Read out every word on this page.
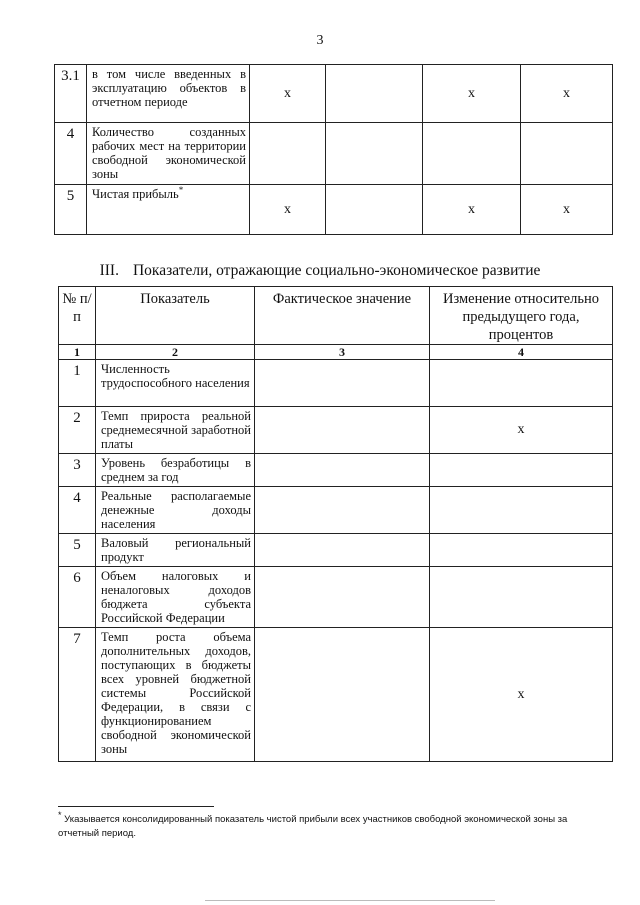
3
3.1	в том числе введенных в эксплуатацию объектов в отчетном периоде	x		x	x
4	Количество созданных рабочих мест на территории свободной экономической зоны				
5	Чистая прибыль*	x		x	x
III. Показатели, отражающие социально-экономическое развитие
№ п/п	Показатель	Фактическое значение	Изменение относительно предыдущего года, процентов
1	2	3	4
1	Численность трудоспособного населения		
2	Темп прироста реальной среднемесячной заработной платы		x
3	Уровень безработицы в среднем за год		
4	Реальные располагаемые денежные доходы населения		
5	Валовый региональный продукт		
6	Объем налоговых и неналоговых доходов бюджета субъекта Российской Федерации		
7	Темп роста объема дополнительных доходов, поступающих в бюджеты всех уровней бюджетной системы Российской Федерации, в связи с функционированием свободной экономической зоны		x
* Указывается консолидированный показатель чистой прибыли всех участников свободной экономической зоны за отчетный период.
